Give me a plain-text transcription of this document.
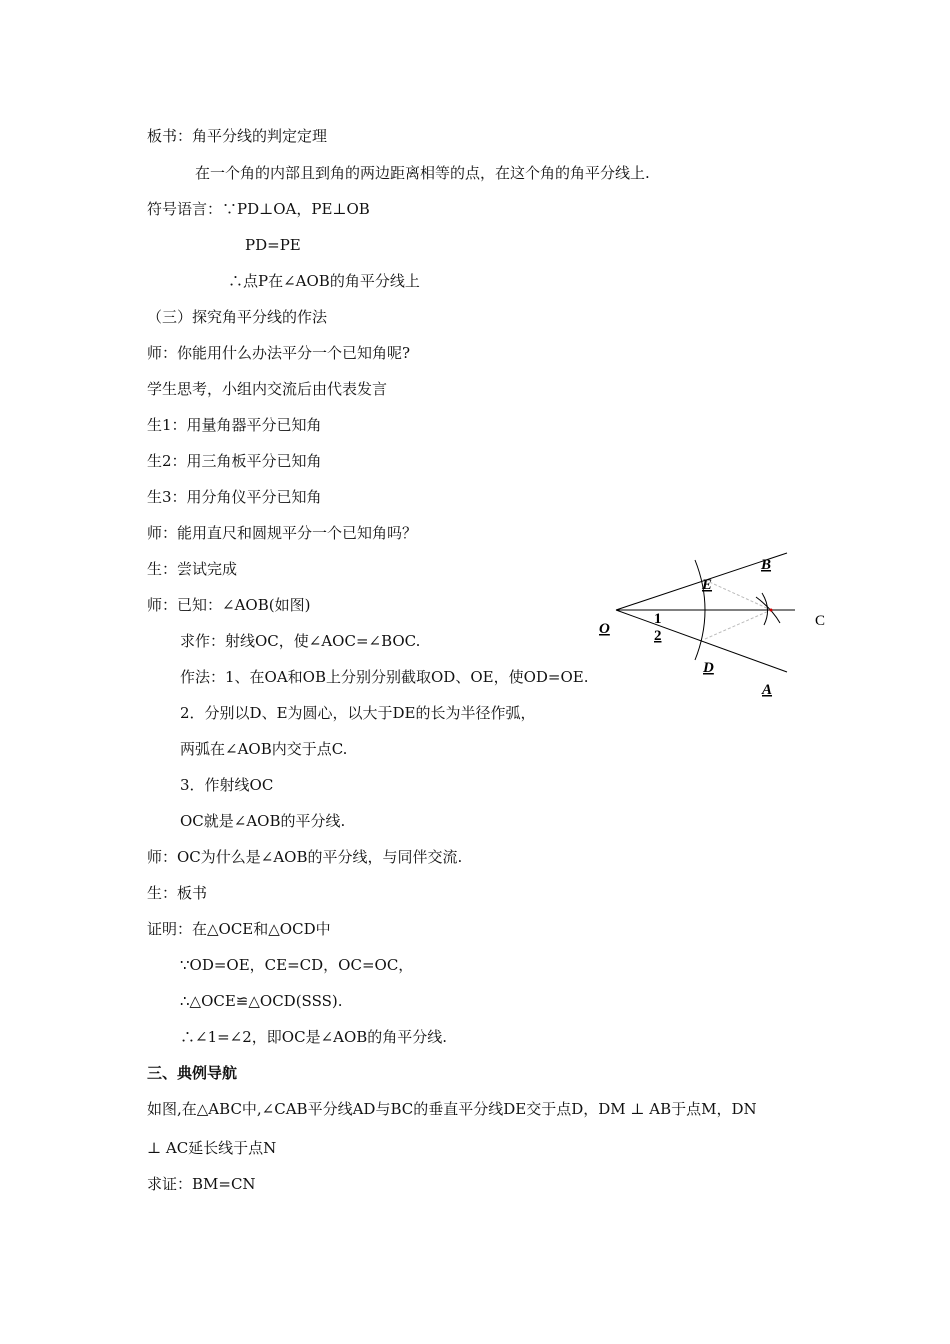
板书：角平分线的判定定理
在一个角的内部且到角的两边距离相等的点，在这个角的角平分线上.
符号语言：∵PD⊥OA，PE⊥OB
PD=PE
∴点P在∠AOB的角平分线上
（三）探究角平分线的作法
师：你能用什么办法平分一个已知角呢?
学生思考，小组内交流后由代表发言
生1：用量角器平分已知角
生2：用三角板平分已知角
生3：用分角仪平分已知角
师：能用直尺和圆规平分一个已知角吗？
生：尝试完成
师：已知：∠AOB(如图)
求作：射线OC，使∠AOC=∠BOC.
作法：1、在OA和OB上分别分别截取OD、OE，使OD=OE.
2．分别以D、E为圆心，以大于DE的长为半径作弧，
两弧在∠AOB内交于点C.
3．作射线OC
OC就是∠AOB的平分线.
师：OC为什么是∠AOB的平分线，与同伴交流.
生：板书
证明：在△OCE和△OCD中
∵OD=OE，CE=CD，OC=OC，
∴△OCE≌△OCD(SSS).
∴∠1=∠2，即OC是∠AOB的角平分线.
三、典例导航
如图,在△ABC中,∠CAB平分线AD与BC的垂直平分线DE交于点D，DM ⊥ AB于点M，DN
⊥ AC延长线于点N
求证：BM=CN
B
E
O
1
2
C
D
A
